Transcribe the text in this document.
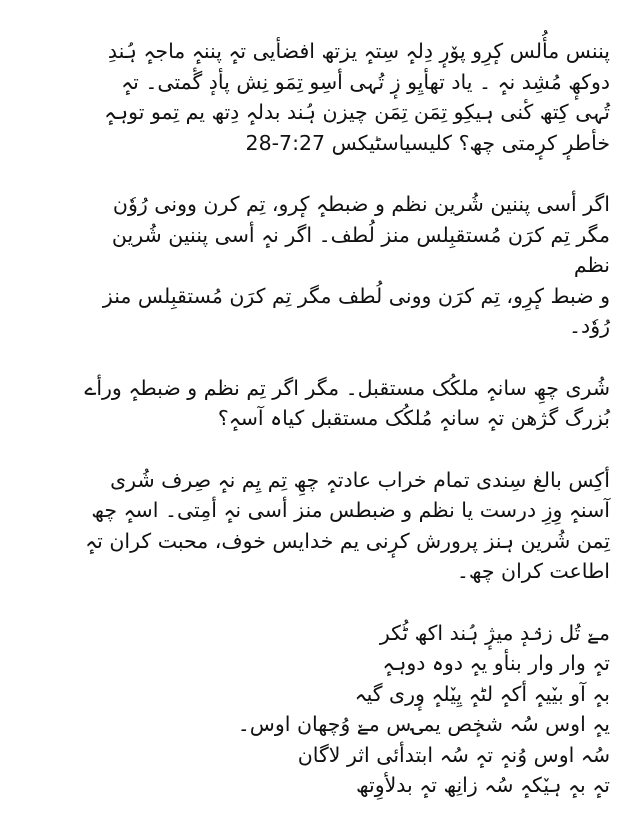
پننس مأُلس کٕرِو پۆرٕ دِلہٕ سِتہٕ یزتھ افضأیی تہٕ پننہٕ ماجہٕ ہُندِ
دوکھٕ مُشِد نہٕ ۔ یاد تھأیِو زٕ تُہی أسِو تِمَو نِش پأدٕ گٔمتی۔ تہٕ
تُہی کِتھ کٔنی ہیکِو تِمَن تِمَن چیزن ہُند بدلہٕ دِتھ یم تِمو توہہٕ
خأطرٕ کرٕمتی چھ؟ کلیسیاسٹیکس 7:27-28

اگر أسی پننین شُرین نظم و ضبطہٕ کٕرو، تِم کرن وونی رُوٗن
مگر تِم کرَن مُستقبِلس منز لُطف۔ اگر نہٕ أسی پننین شُرین نظم
و ضبط کٕرِو، تِم کرَن وونی لُطف مگر تِم کرَن مُستقبِلس منز
رُوٗد۔

شُری چھِ سانہٕ ملکُک مستقبل۔ مگر اگر تِم نظم و ضبطہٕ ورأے
بُزرگ گژھن تہٕ سانہٕ مُلکُک مستقبل کیاہ آسہٕ؟

أکِس بالغ سِندی تمام خراب عادتہٕ چھِ تِم یِم نہٕ صِرف شُری
آسنہٕ وِزِ درست یا نظم و ضبطس منز أسی نہٕ أمِتی۔ اسہٕ چھ
تِمن شُرین ہنز پرورش کرٕنی یم خدایس خوف، محبت کران تہٕ
اطاعت کران چھ۔

مےٚ تُل زنٛدٕ میژٕ ہُند اکھ ٹُکر
تہٕ وار وار بنأو یہٕ دوہ دوہہٕ
بہٕ آو بیٚیہٕ أکہٕ لٹہٕ یِیٚلہٕ وٕری گیہ
یہٕ اوس سُہ شخٕص یمۍس مےٚ وُچھان اوس۔
سُہ اوس وُنہٕ تہٕ سُہ ابتدأئی اثر لاگان
تہٕ بہٕ ہیٚکہٕ سُہ زانِھ تہٕ بدلأوِتھ
